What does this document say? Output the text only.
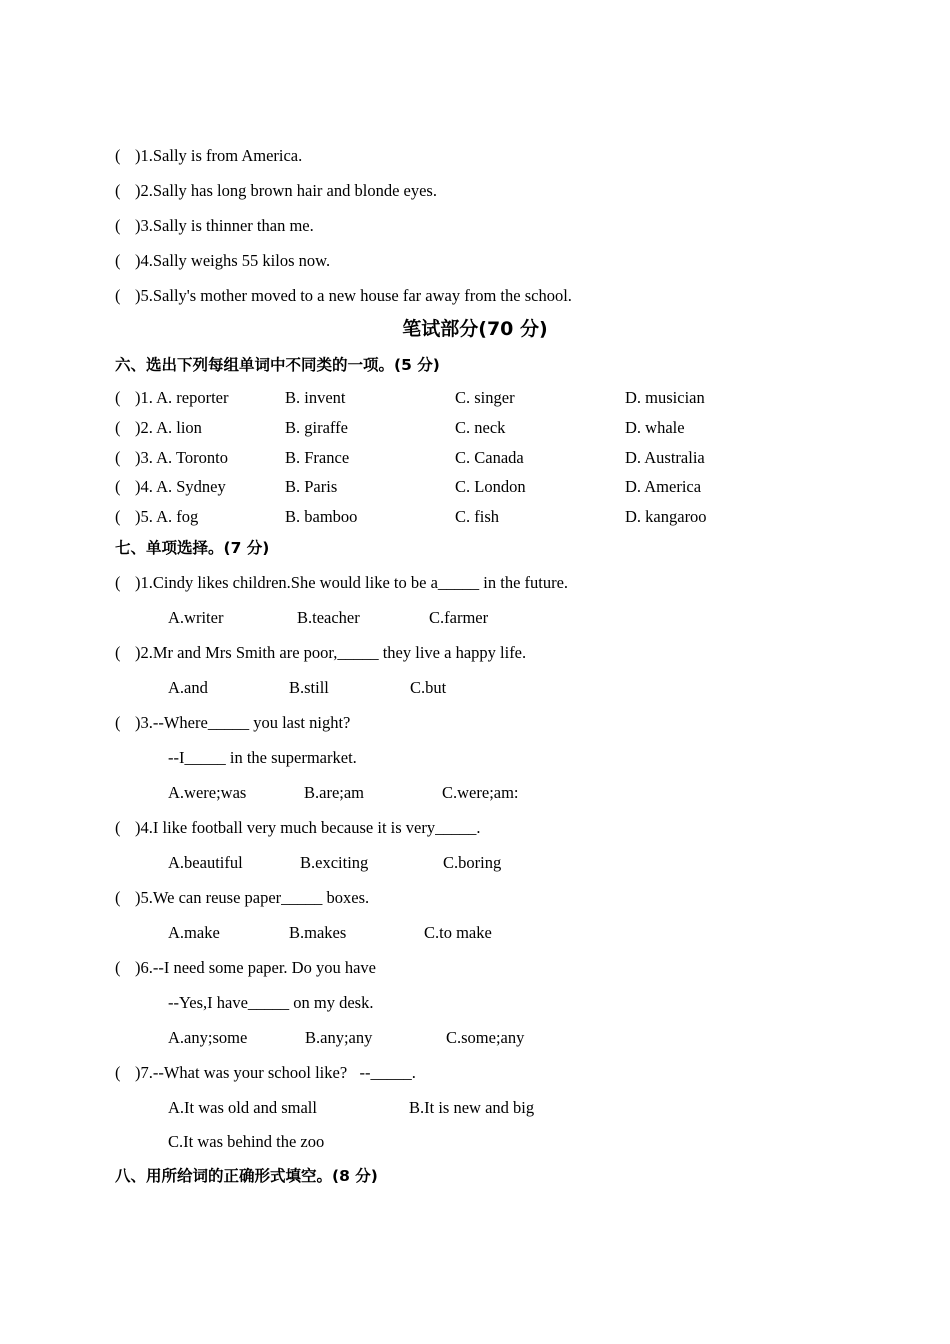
( )1.Sally is from America.
( )2.Sally has long brown hair and blonde eyes.
( )3.Sally is thinner than me.
( )4.Sally weighs 55 kilos now.
( )5.Sally's mother moved to a new house far away from the school.
笔试部分(70 分)
六、选出下列每组单词中不同类的一项。(5 分)
( )1. A. reporter	B. invent	C. singer	D. musician
( )2. A. lion	B. giraffe	C. neck	D. whale
( )3. A. Toronto	B. France	C. Canada	D. Australia
( )4. A. Sydney	B. Paris	C. London	D. America
( )5. A. fog	B. bamboo	C. fish	D. kangaroo
七、单项选择。(7 分)
( )1.Cindy likes children.She would like to be a_____ in the future.
A.writer	B.teacher	C.farmer
( )2.Mr and Mrs Smith are poor,_____ they live a happy life.
A.and	B.still	C.but
( )3.--Where_____ you last night?
--I_____ in the supermarket.
A.were;was	B.are;am	C.were;am:
( )4.I like football very much because it is very_____.
A.beautiful	B.exciting	C.boring
( )5.We can reuse paper_____ boxes.
A.make	B.makes	C.to make
( )6.--I need some paper. Do you have
--Yes,I have_____ on my desk.
A.any;some	B.any;any	C.some;any
( )7.--What was your school like?   --_____.
A.It was old and small	B.It is new and big
C.It was behind the zoo
八、用所给词的正确形式填空。(8 分)
